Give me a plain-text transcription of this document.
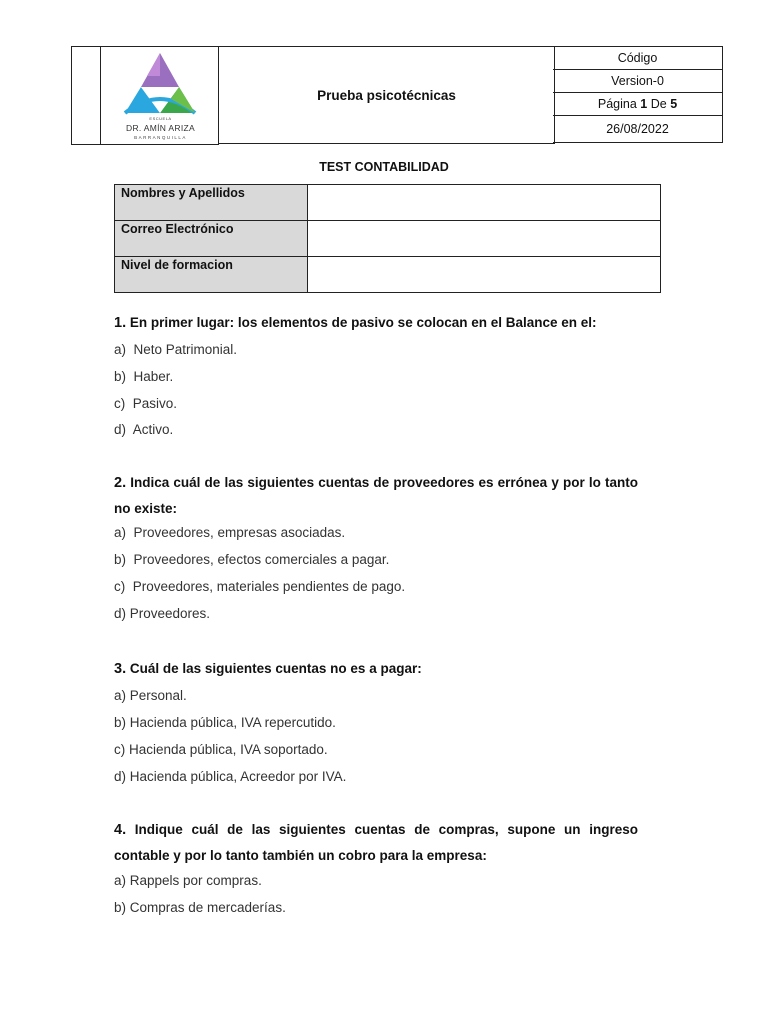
ESCUELA
DR. AMÍN ARIZA
BARRANQUILLA
Prueba psicotécnicas
Código
Version-0
Página
1
De
5
26/08/2022
TEST CONTABILIDAD
Nombres y Apellidos	
Correo Electrónico	
Nivel de formacion	
1. En primer lugar: los elementos de pasivo se colocan en el Balance en el:
a)  Neto Patrimonial.
b)  Haber.
c)  Pasivo.
d)  Activo.
2. Indica cuál de las siguientes cuentas de proveedores es errónea y por lo tanto no existe:
a)  Proveedores, empresas asociadas.
b)  Proveedores, efectos comerciales a pagar.
c)  Proveedores, materiales pendientes de pago.
d) Proveedores.
3. Cuál de las siguientes cuentas no es a pagar:
a) Personal.
b) Hacienda pública, IVA repercutido.
c) Hacienda pública, IVA soportado.
d) Hacienda pública, Acreedor por IVA.
4. Indique cuál de las siguientes cuentas de compras, supone un ingreso contable y por lo tanto también un cobro para la empresa:
a) Rappels por compras.
b) Compras de mercaderías.
